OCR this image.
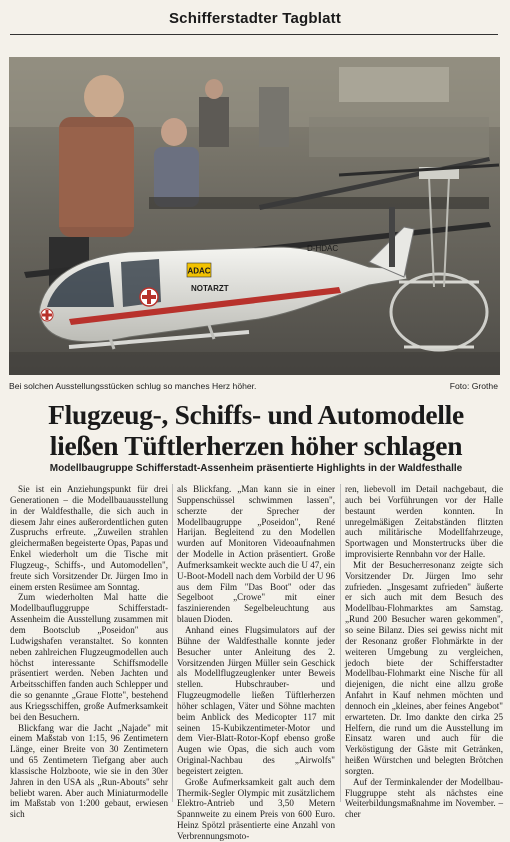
Schifferstadter Tagblatt
ADAC
NOTARZT
D-HDAC
Bei solchen Ausstellungsstücken schlug so manches Herz höher.	Foto: Grothe
Flugzeug-, Schiffs- und Automodelle
ließen Tüftlerherzen höher schlagen
Modellbaugruppe Schifferstadt-Assenheim präsentierte Highlights in der Waldfesthalle

Sie ist ein Anziehungspunkt für drei Generationen – die Modellbauausstellung in der Waldfesthalle, die sich auch in diesem Jahr eines außerordentlichen guten Zuspruchs erfreute. „Zuweilen strahlen gleichermaßen begeisterte Opas, Papas und Enkel wiederholt um die Tische mit Flugzeug-, Schiffs-, und Automodellen", freute sich Vorsitzender Dr. Jürgen Imo in einem ersten Resümee am Sonntag.

Zum wiederholten Mal hatte die Modellbaufluggruppe Schifferstadt-Assenheim die Ausstellung zusammen mit dem Bootsclub „Poseidon" aus Ludwigshafen veranstaltet. So konnten neben zahlreichen Flugzeugmodellen auch höchst interessante Schiffsmodelle präsentiert werden. Neben Jachten und Arbeitsschiffen fanden auch Schlepper und die so genannte „Graue Flotte", bestehend aus Kriegsschiffen, große Aufmerksamkeit bei den Besuchern.

Blickfang war die Jacht „Najade" mit einem Maßstab von 1:15, 96 Zentimetern Länge, einer Breite von 30 Zentimetern und 65 Zentimetern Tiefgang aber auch klassische Holzboote, wie sie in den 30er Jahren in den USA als „Run-Abouts" sehr beliebt waren. Aber auch Miniaturmodelle im Maßstab von 1:200 gebaut, erwiesen sich

als Blickfang. „Man kann sie in einer Suppenschüssel schwimmen lassen", scherzte der Sprecher der Modellbaugruppe „Poseidon", René Harijan. Begleitend zu den Modellen wurden auf Monitoren Videoaufnahmen der Modelle in Action präsentiert. Große Aufmerksamkeit weckte auch die U 47, ein U-Boot-Modell nach dem Vorbild der U 96 aus dem Film "Das Boot" oder das Segelboot „Crowe" mit einer faszinierenden Segelbeleuchtung aus blauen Dioden.

Anhand eines Flugsimulators auf der Bühne der Waldfesthalle konnte jeder Besucher unter Anleitung des 2. Vorsitzenden Jürgen Müller sein Geschick als Modellflugzeuglenker unter Beweis stellen. Hubschrauber- und Flugzeugmodelle ließen Tüftlerherzen höher schlagen, Väter und Söhne machten beim Anblick des Medicopter 117 mit seinen 15-Kubikzentimeter-Motor und dem Vier-Blatt-Rotor-Kopf ebenso große Augen wie Opas, die sich auch vom Original-Nachbau des „Airwolfs" begeistert zeigten.

Große Aufmerksamkeit galt auch dem Thermik-Segler Olympic mit zusätzlichem Elektro-Antrieb und 3,50 Metern Spannweite zu einem Preis von 600 Euro. Heinz Spötzl präsentierte eine Anzahl von Verbrennungsmoto-

ren, liebevoll im Detail nachgebaut, die auch bei Vorführungen vor der Halle bestaunt werden konnten. In unregelmäßigen Zeitabständen flitzten auch militärische Modellfahrzeuge, Sportwagen und Monstertrucks über die improvisierte Rennbahn vor der Halle.

Mit der Besucherresonanz zeigte sich Vorsitzender Dr. Jürgen Imo sehr zufrieden. „Insgesamt zufrieden" äußerte er sich auch mit dem Besuch des Modellbau-Flohmarktes am Samstag. „Rund 200 Besucher waren gekommen", so seine Bilanz. Dies sei gewiss nicht mit der Resonanz großer Flohmärkte in der weiteren Umgebung zu vergleichen, jedoch biete der Schifferstadter Modellbau-Flohmarkt eine Nische für all diejenigen, die nicht eine allzu große Anfahrt in Kauf nehmen möchten und dennoch ein „kleines, aber feines Angebot" erwarteten. Dr. Imo dankte den cirka 25 Helfern, die rund um die Ausstellung im Einsatz waren und auch für die Verköstigung der Gäste mit Getränken, heißen Würstchen und belegten Brötchen sorgten.

Auf der Terminkalender der Modellbau-Fluggruppe steht als nächstes eine Weiterbildungsmaßnahme im November. –cher
